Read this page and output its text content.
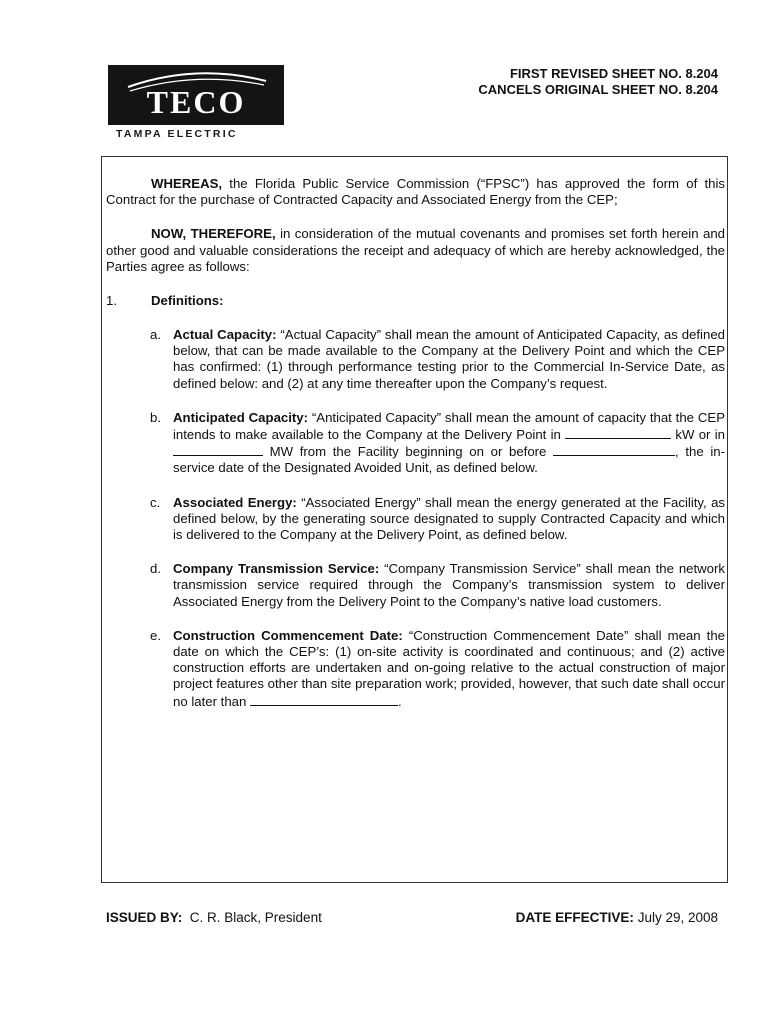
TECO
TAMPA ELECTRIC
FIRST REVISED SHEET NO. 8.204
CANCELS ORIGINAL SHEET NO. 8.204

WHEREAS, the Florida Public Service Commission (“FPSC”) has approved the form of this Contract for the purchase of Contracted Capacity and Associated Energy from the CEP;

NOW, THEREFORE, in consideration of the mutual covenants and promises set forth herein and other good and valuable considerations the receipt and adequacy of which are hereby acknowledged, the Parties agree as follows:

1.	Definitions:
a. Actual Capacity: “Actual Capacity” shall mean the amount of Anticipated Capacity, as defined below, that can be made available to the Company at the Delivery Point and which the CEP has confirmed: (1) through performance testing prior to the Commercial In-Service Date, as defined below: and (2) at any time thereafter upon the Company’s request.

b. Anticipated Capacity: “Anticipated Capacity” shall mean the amount of capacity that the CEP intends to make available to the Company at the Delivery Point in	kW or in  MW from the Facility beginning on or before	, the in-service date of the Designated Avoided Unit, as defined below.

c. Associated Energy: “Associated Energy” shall mean the energy generated at the Facility, as defined below, by the generating source designated to supply Contracted Capacity and which is delivered to the Company at the Delivery Point, as defined below.

d. Company Transmission Service: “Company Transmission Service” shall mean the network transmission service required through the Company’s transmission system to deliver Associated Energy from the Delivery Point to the Company’s native load customers.

e. Construction Commencement Date: “Construction Commencement Date” shall mean the date on which the CEP’s: (1) on-site activity is coordinated and continuous; and (2) active construction efforts are undertaken and on-going relative to the actual construction of major project features other than site preparation work; provided, however, that such date shall occur no later than	.

ISSUED BY: C. R. Black, President	DATE EFFECTIVE: July 29, 2008
